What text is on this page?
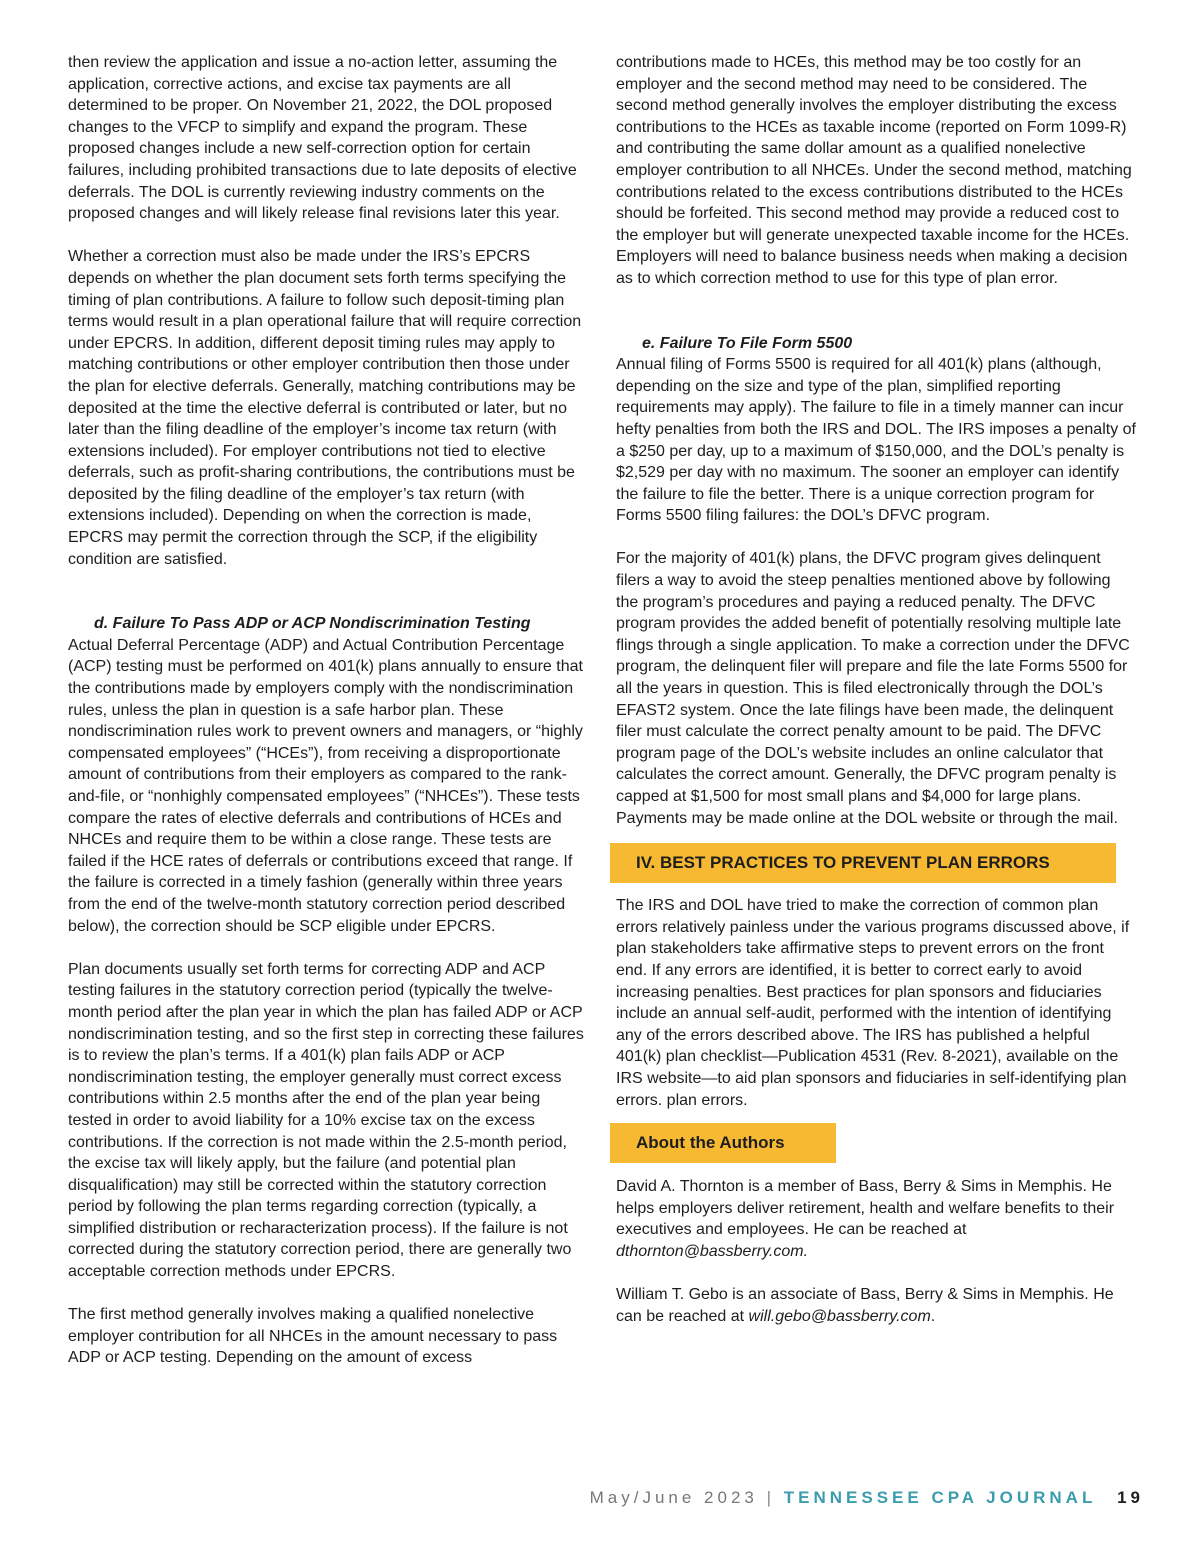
then review the application and issue a no-action letter, assuming the application, corrective actions, and excise tax payments are all determined to be proper. On November 21, 2022, the DOL proposed changes to the VFCP to simplify and expand the program. These proposed changes include a new self-correction option for certain failures, including prohibited transactions due to late deposits of elective deferrals. The DOL is currently reviewing industry comments on the proposed changes and will likely release final revisions later this year.

Whether a correction must also be made under the IRS’s EPCRS depends on whether the plan document sets forth terms specifying the timing of plan contributions. A failure to follow such deposit-timing plan terms would result in a plan operational failure that will require correction under EPCRS. In addition, different deposit timing rules may apply to matching contributions or other employer contribution then those under the plan for elective deferrals. Generally, matching contributions may be deposited at the time the elective deferral is contributed or later, but no later than the filing deadline of the employer’s income tax return (with extensions included). For employer contributions not tied to elective deferrals, such as profit-sharing contributions, the contributions must be deposited by the filing deadline of the employer’s tax return (with extensions included). Depending on when the correction is made, EPCRS may permit the correction through the SCP, if the eligibility condition are satisfied.

d. Failure To Pass ADP or ACP Nondiscrimination Testing

Actual Deferral Percentage (ADP) and Actual Contribution Percentage (ACP) testing must be performed on 401(k) plans annually to ensure that the contributions made by employers comply with the nondiscrimination rules, unless the plan in question is a safe harbor plan. These nondiscrimination rules work to prevent owners and managers, or “highly compensated employees” (“HCEs”), from receiving a disproportionate amount of contributions from their employers as compared to the rank-and-file, or “nonhighly compensated employees” (“NHCEs”). These tests compare the rates of elective deferrals and contributions of HCEs and NHCEs and require them to be within a close range. These tests are failed if the HCE rates of deferrals or contributions exceed that range. If the failure is corrected in a timely fashion (generally within three years from the end of the twelve-month statutory correction period described below), the correction should be SCP eligible under EPCRS.

Plan documents usually set forth terms for correcting ADP and ACP testing failures in the statutory correction period (typically the twelve-month period after the plan year in which the plan has failed ADP or ACP nondiscrimination testing, and so the first step in correcting these failures is to review the plan’s terms. If a 401(k) plan fails ADP or ACP nondiscrimination testing, the employer generally must correct excess contributions within 2.5 months after the end of the plan year being tested in order to avoid liability for a 10% excise tax on the excess contributions. If the correction is not made within the 2.5-month period, the excise tax will likely apply, but the failure (and potential plan disqualification) may still be corrected within the statutory correction period by following the plan terms regarding correction (typically, a simplified distribution or recharacterization process). If the failure is not corrected during the statutory correction period, there are generally two acceptable correction methods under EPCRS.

The first method generally involves making a qualified nonelective employer contribution for all NHCEs in the amount necessary to pass ADP or ACP testing. Depending on the amount of excess

contributions made to HCEs, this method may be too costly for an employer and the second method may need to be considered. The second method generally involves the employer distributing the excess contributions to the HCEs as taxable income (reported on Form 1099-R) and contributing the same dollar amount as a qualified nonelective employer contribution to all NHCEs. Under the second method, matching contributions related to the excess contributions distributed to the HCEs should be forfeited. This second method may provide a reduced cost to the employer but will generate unexpected taxable income for the HCEs. Employers will need to balance business needs when making a decision as to which correction method to use for this type of plan error.

e. Failure To File Form 5500

Annual filing of Forms 5500 is required for all 401(k) plans (although, depending on the size and type of the plan, simplified reporting requirements may apply). The failure to file in a timely manner can incur hefty penalties from both the IRS and DOL. The IRS imposes a penalty of a $250 per day, up to a maximum of $150,000, and the DOL’s penalty is $2,529 per day with no maximum. The sooner an employer can identify the failure to file the better. There is a unique correction program for Forms 5500 filing failures: the DOL’s DFVC program.

For the majority of 401(k) plans, the DFVC program gives delinquent filers a way to avoid the steep penalties mentioned above by following the program’s procedures and paying a reduced penalty. The DFVC program provides the added benefit of potentially resolving multiple late flings through a single application. To make a correction under the DFVC program, the delinquent filer will prepare and file the late Forms 5500 for all the years in question. This is filed electronically through the DOL’s EFAST2 system. Once the late filings have been made, the delinquent filer must calculate the correct penalty amount to be paid. The DFVC program page of the DOL’s website includes an online calculator that calculates the correct amount. Generally, the DFVC program penalty is capped at $1,500 for most small plans and $4,000 for large plans. Payments may be made online at the DOL website or through the mail.

IV. BEST PRACTICES TO PREVENT PLAN ERRORS

The IRS and DOL have tried to make the correction of common plan errors relatively painless under the various programs discussed above, if plan stakeholders take affirmative steps to prevent errors on the front end. If any errors are identified, it is better to correct early to avoid increasing penalties. Best practices for plan sponsors and fiduciaries include an annual self-audit, performed with the intention of identifying any of the errors described above. The IRS has published a helpful 401(k) plan checklist—Publication 4531 (Rev. 8-2021), available on the IRS website—to aid plan sponsors and fiduciaries in self-identifying plan errors. plan errors.

About the Authors

David A. Thornton is a member of Bass, Berry & Sims in Memphis. He helps employers deliver retirement, health and welfare benefits to their executives and employees. He can be reached at
dthornton@bassberry.com.

William T. Gebo is an associate of Bass, Berry & Sims in Memphis. He can be reached at will.gebo@bassberry.com.

May/June 2023 | TENNESSEE CPA JOURNAL 19
